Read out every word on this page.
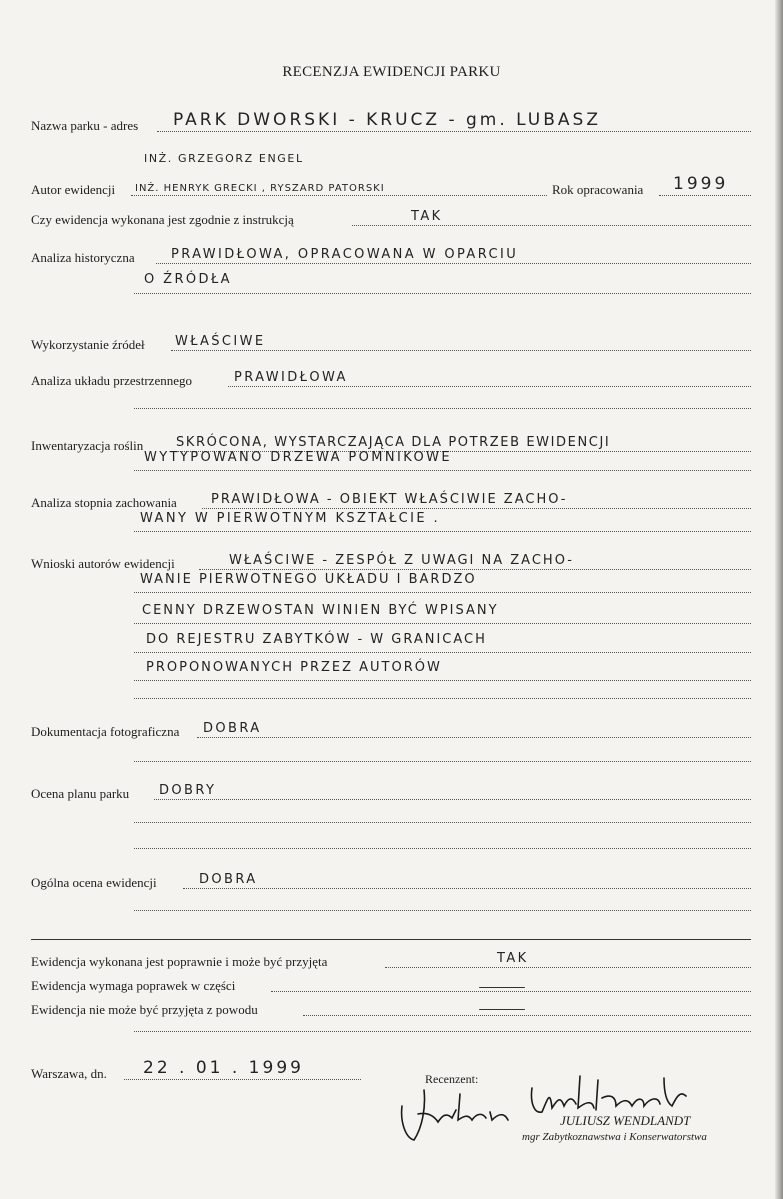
RECENZJA EWIDENCJI PARKU
Nazwa parku - adres PARK DWORSKI - KRUCZ - gm. LUBASZ
INŻ. GRZEGORZ ENGEL
Autor ewidencji INŻ. HENRYK GRECKI , RYSZARD PATORSKI	Rok opracowania 1999
Czy ewidencja wykonana jest zgodnie z instrukcją	TAK
Analiza historyczna	PRAWIDŁOWA, OPRACOWANA W OPARCIU
O ŹRÓDŁA
Wykorzystanie źródeł WŁAŚCIWE
Analiza układu przestrzennego	PRAWIDŁOWA
Inwentaryzacja roślin	SKRÓCONA, WYSTARCZAJĄCA DLA POTRZEB EWIDENCJI
WYTYPOWANO DRZEWA POMNIKOWE
Analiza stopnia zachowania	PRAWIDŁOWA - OBIEKT WŁAŚCIWIE ZACHO-
WANY W PIERWOTNYM KSZTAŁCIE .
Wnioski autorów ewidencji	WŁAŚCIWE - ZESPÓŁ Z UWAGI NA ZACHO-
WANIE PIERWOTNEGO UKŁADU I BARDZO
CENNY DRZEWOSTAN WINIEN BYĆ WPISANY
DO REJESTRU ZABYTKÓW - W GRANICACH
PROPONOWANYCH PRZEZ AUTORÓW
Dokumentacja fotograficzna DOBRA
Ocena planu parku DOBRY
Ogólna ocena ewidencji	DOBRA
Ewidencja wykonana jest poprawnie i może być przyjęta	TAK
Ewidencja wymaga poprawek w części
Ewidencja nie może być przyjęta z powodu
Warszawa, dn. 22 . 01 . 1999
Recenzent:
JULIUSZ WENDLANDT
mgr Zabytkoznawstwa i Konserwatorstwa
